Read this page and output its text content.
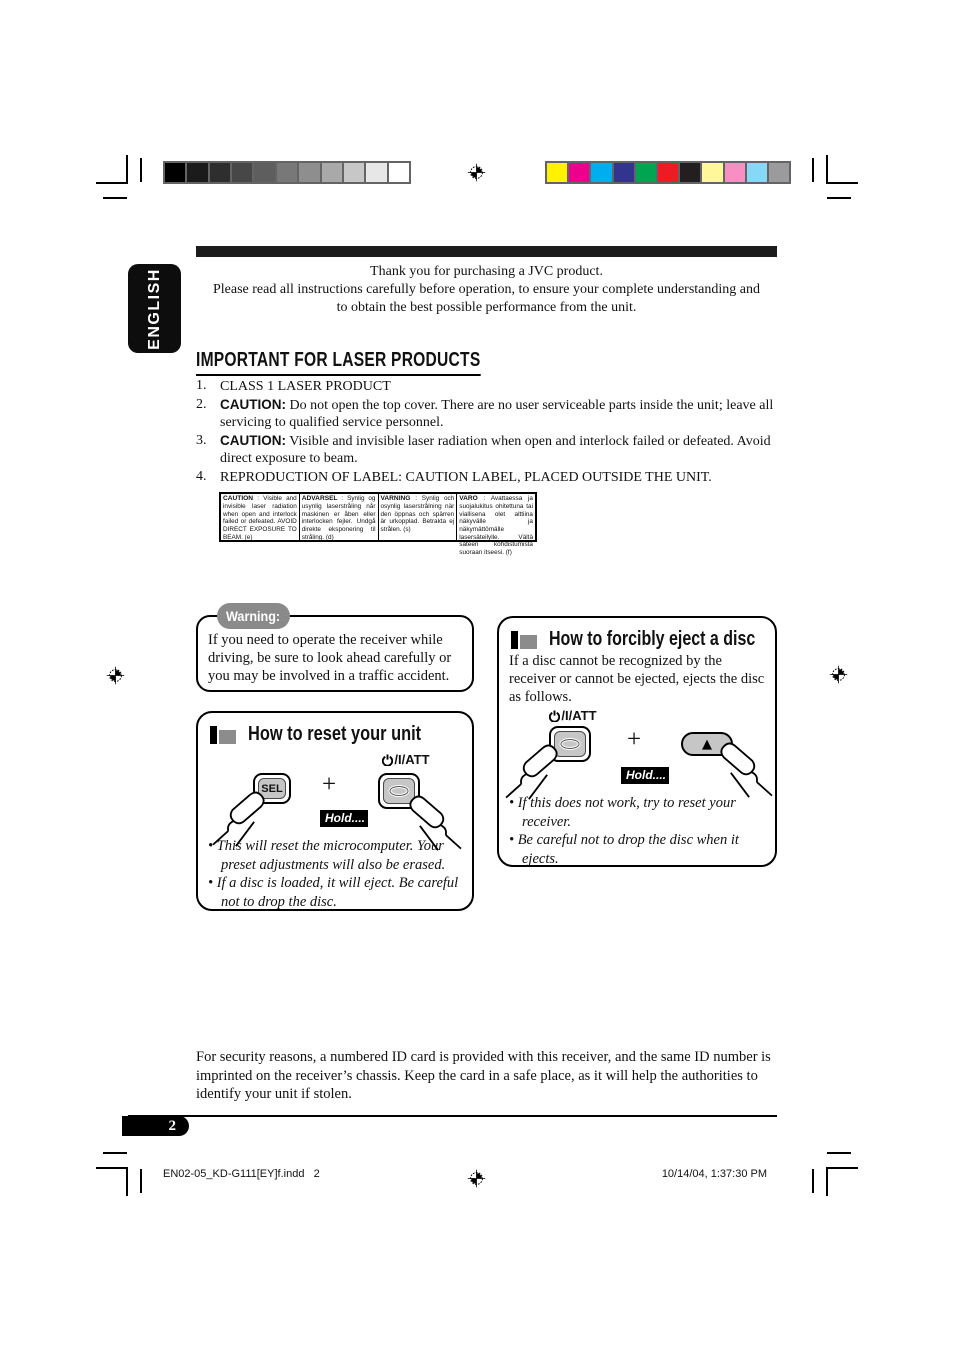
ENGLISH	Thank you for purchasing a JVC product.
Please read all instructions carefully before operation, to ensure your complete understanding and
to obtain the best possible performance from the unit.
IMPORTANT FOR LASER PRODUCTS
1. CLASS 1 LASER PRODUCT
2.	CAUTION: Do not open the top cover. There are no user serviceable parts inside the unit; leave all servicing to qualified service personnel.
3.	CAUTION: Visible and invisible laser radiation when open and interlock failed or defeated. Avoid direct exposure to beam.
4. REPRODUCTION OF LABEL: CAUTION LABEL, PLACED OUTSIDE THE UNIT.
CAUTION : Visible and invisible laser radiation when open and interlock failed or defeated. AVOID DIRECT EXPOSURE TO BEAM. (e)
ADVARSEL : Synlig og usynlig laserstråling når maskinen er åben eller interlocken fejler. Undgå direkte eksponering til stråling. (d)
VARNING : Synlig och osynlig laserstrålning när den öppnas och spärren är urkopplad. Betrakta ej strålen. (s)
VARO : Avattaessa ja suojalukitus ohitettuna tai viallisena olet alttiina näkyvälle ja näkymättömälle lasersäteilylle. Vältä säteen kohdistumista suoraan itseesi. (f)
Warning:
If you need to operate the receiver while driving, be sure to look ahead carefully or you may be involved in a traffic accident.
How to reset your unit
/I/ATT
SEL +
Hold....
• This will reset the microcomputer. Your preset adjustments will also be erased.
• If a disc is loaded, it will eject. Be careful not to drop the disc.
How to forcibly eject a disc
If a disc cannot be recognized by the receiver or cannot be ejected, ejects the disc as follows.
/I/ATT
+	▲
Hold....
• If this does not work, try to reset your receiver.
• Be careful not to drop the disc when it ejects.
For security reasons, a numbered ID card is provided with this receiver, and the same ID number is imprinted on the receiver’s chassis. Keep the card in a safe place, as it will help the authorities to identify your unit if stolen.
2
EN02-05_KD-G111[EY]f.indd   2	10/14/04, 1:37:30 PM
